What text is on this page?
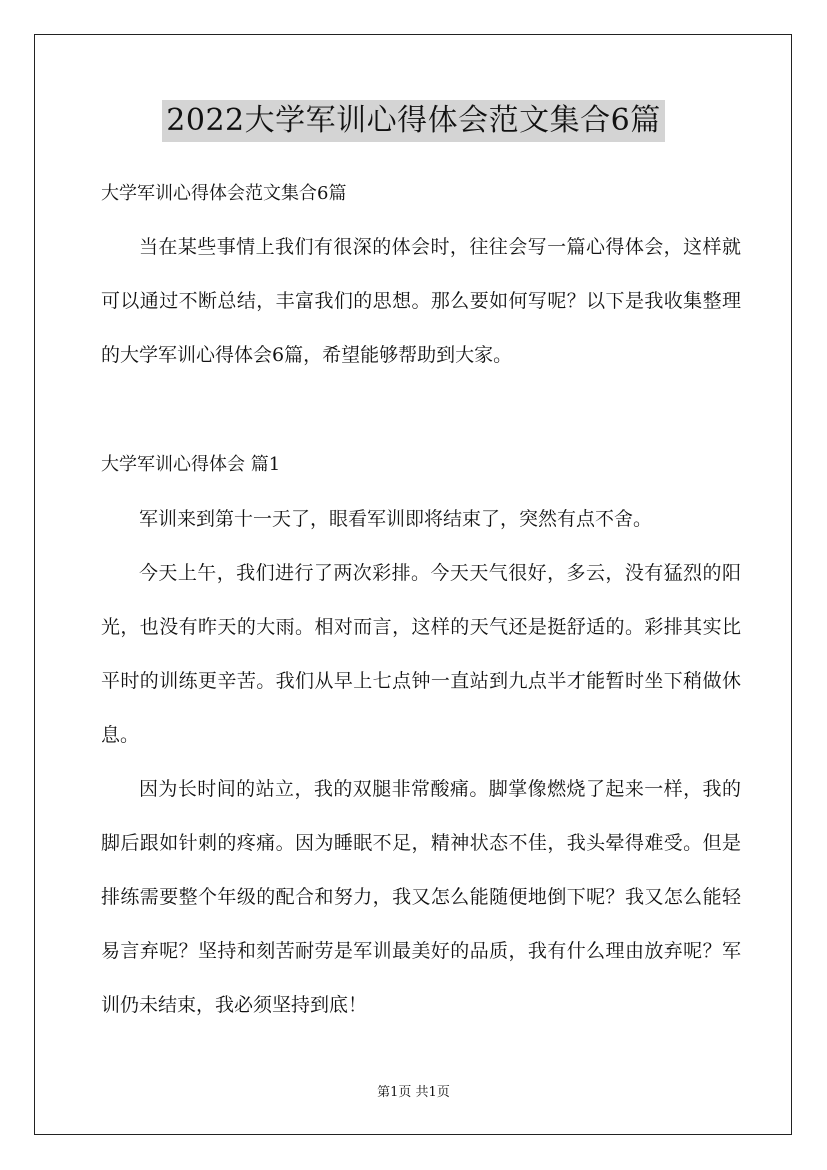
2022大学军训心得体会范文集合6篇
大学军训心得体会范文集合6篇

当在某些事情上我们有很深的体会时，往往会写一篇心得体会，这样就可以通过不断总结，丰富我们的思想。那么要如何写呢？以下是我收集整理的大学军训心得体会6篇，希望能够帮助到大家。

大学军训心得体会 篇1

军训来到第十一天了，眼看军训即将结束了，突然有点不舍。

今天上午，我们进行了两次彩排。今天天气很好，多云，没有猛烈的阳光，也没有昨天的大雨。相对而言，这样的天气还是挺舒适的。彩排其实比平时的训练更辛苦。我们从早上七点钟一直站到九点半才能暂时坐下稍做休息。

因为长时间的站立，我的双腿非常酸痛。脚掌像燃烧了起来一样，我的脚后跟如针刺的疼痛。因为睡眠不足，精神状态不佳，我头晕得难受。但是排练需要整个年级的配合和努力，我又怎么能随便地倒下呢？我又怎么能轻易言弃呢？坚持和刻苦耐劳是军训最美好的品质，我有什么理由放弃呢？军训仍未结束，我必须坚持到底！

第1页 共1页
